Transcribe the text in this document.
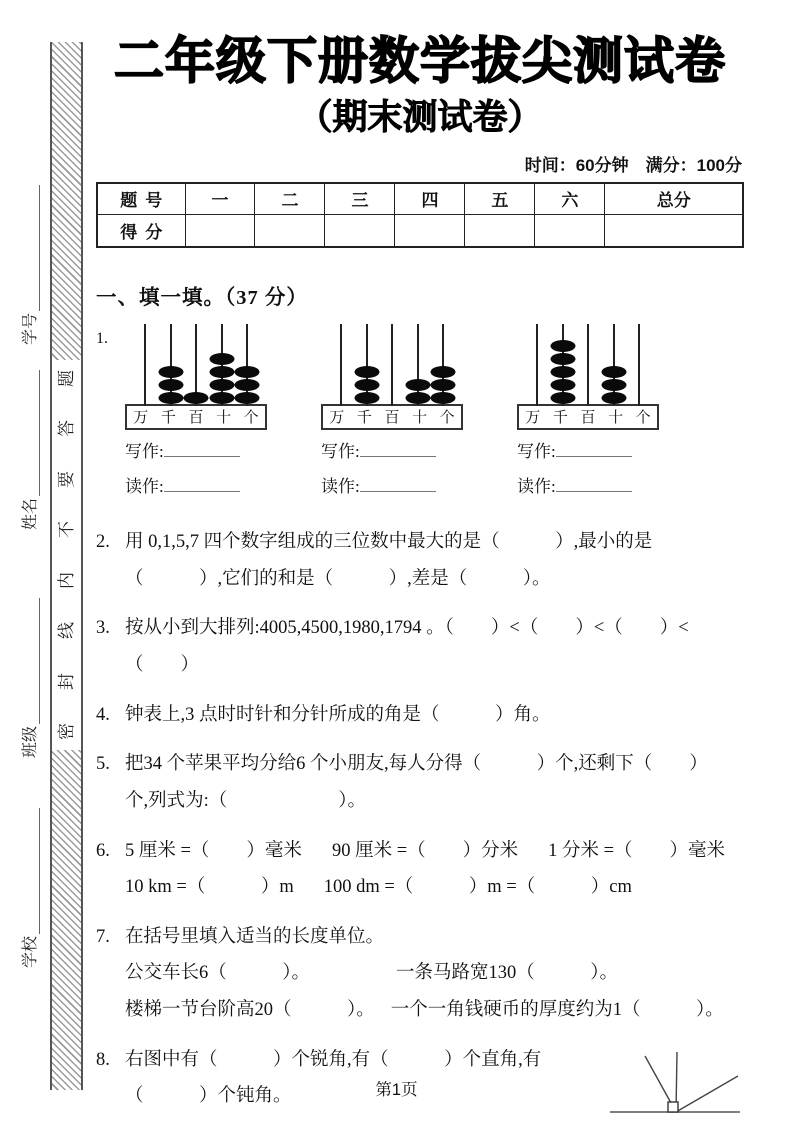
题
答
要
不
内
线
封
密
学号
姓名
班级
学校
二年级下册数学拔尖测试卷
（期末测试卷）
时间：60分钟　满分：100分
题号	一	二	三	四	五	六	总分
得分							
一、填一填。（37 分）
1.
万 千 百 十 个
写作:
读作:
万 千 百 十 个
写作:
读作:
万 千 百 十 个
写作:
读作:
2. 用 0,1,5,7 四个数字组成的三位数中最大的是（　　　）,最小的是
（　　　）,它们的和是（　　　）,差是（　　　）。
3. 按从小到大排列:4005,4500,1980,1794 。（　　）<（　　）<（　　）<（　　）
4. 钟表上,3 点时时针和分针所成的角是（　　　）角。
5. 把34 个苹果平均分给6 个小朋友,每人分得（　　　）个,还剩下（　　）
个,列式为:（　　　　　　）。
6. 5 厘米 =（　　）毫米 90 厘米 =（　　）分米 1 分米 =（　　）毫米
10 km =（　　　）m 100 dm =（　　　）m =（　　　）cm
7. 在括号里填入适当的长度单位。
公交车长6（　　　）。	一条马路宽130（　　　）。
楼梯一节台阶高20（　　　）。 一个一角钱硬币的厚度约为1（　　　）。
8. 右图中有（　　　）个锐角,有（　　　）个直角,有
（　　　）个钝角。	第1页
